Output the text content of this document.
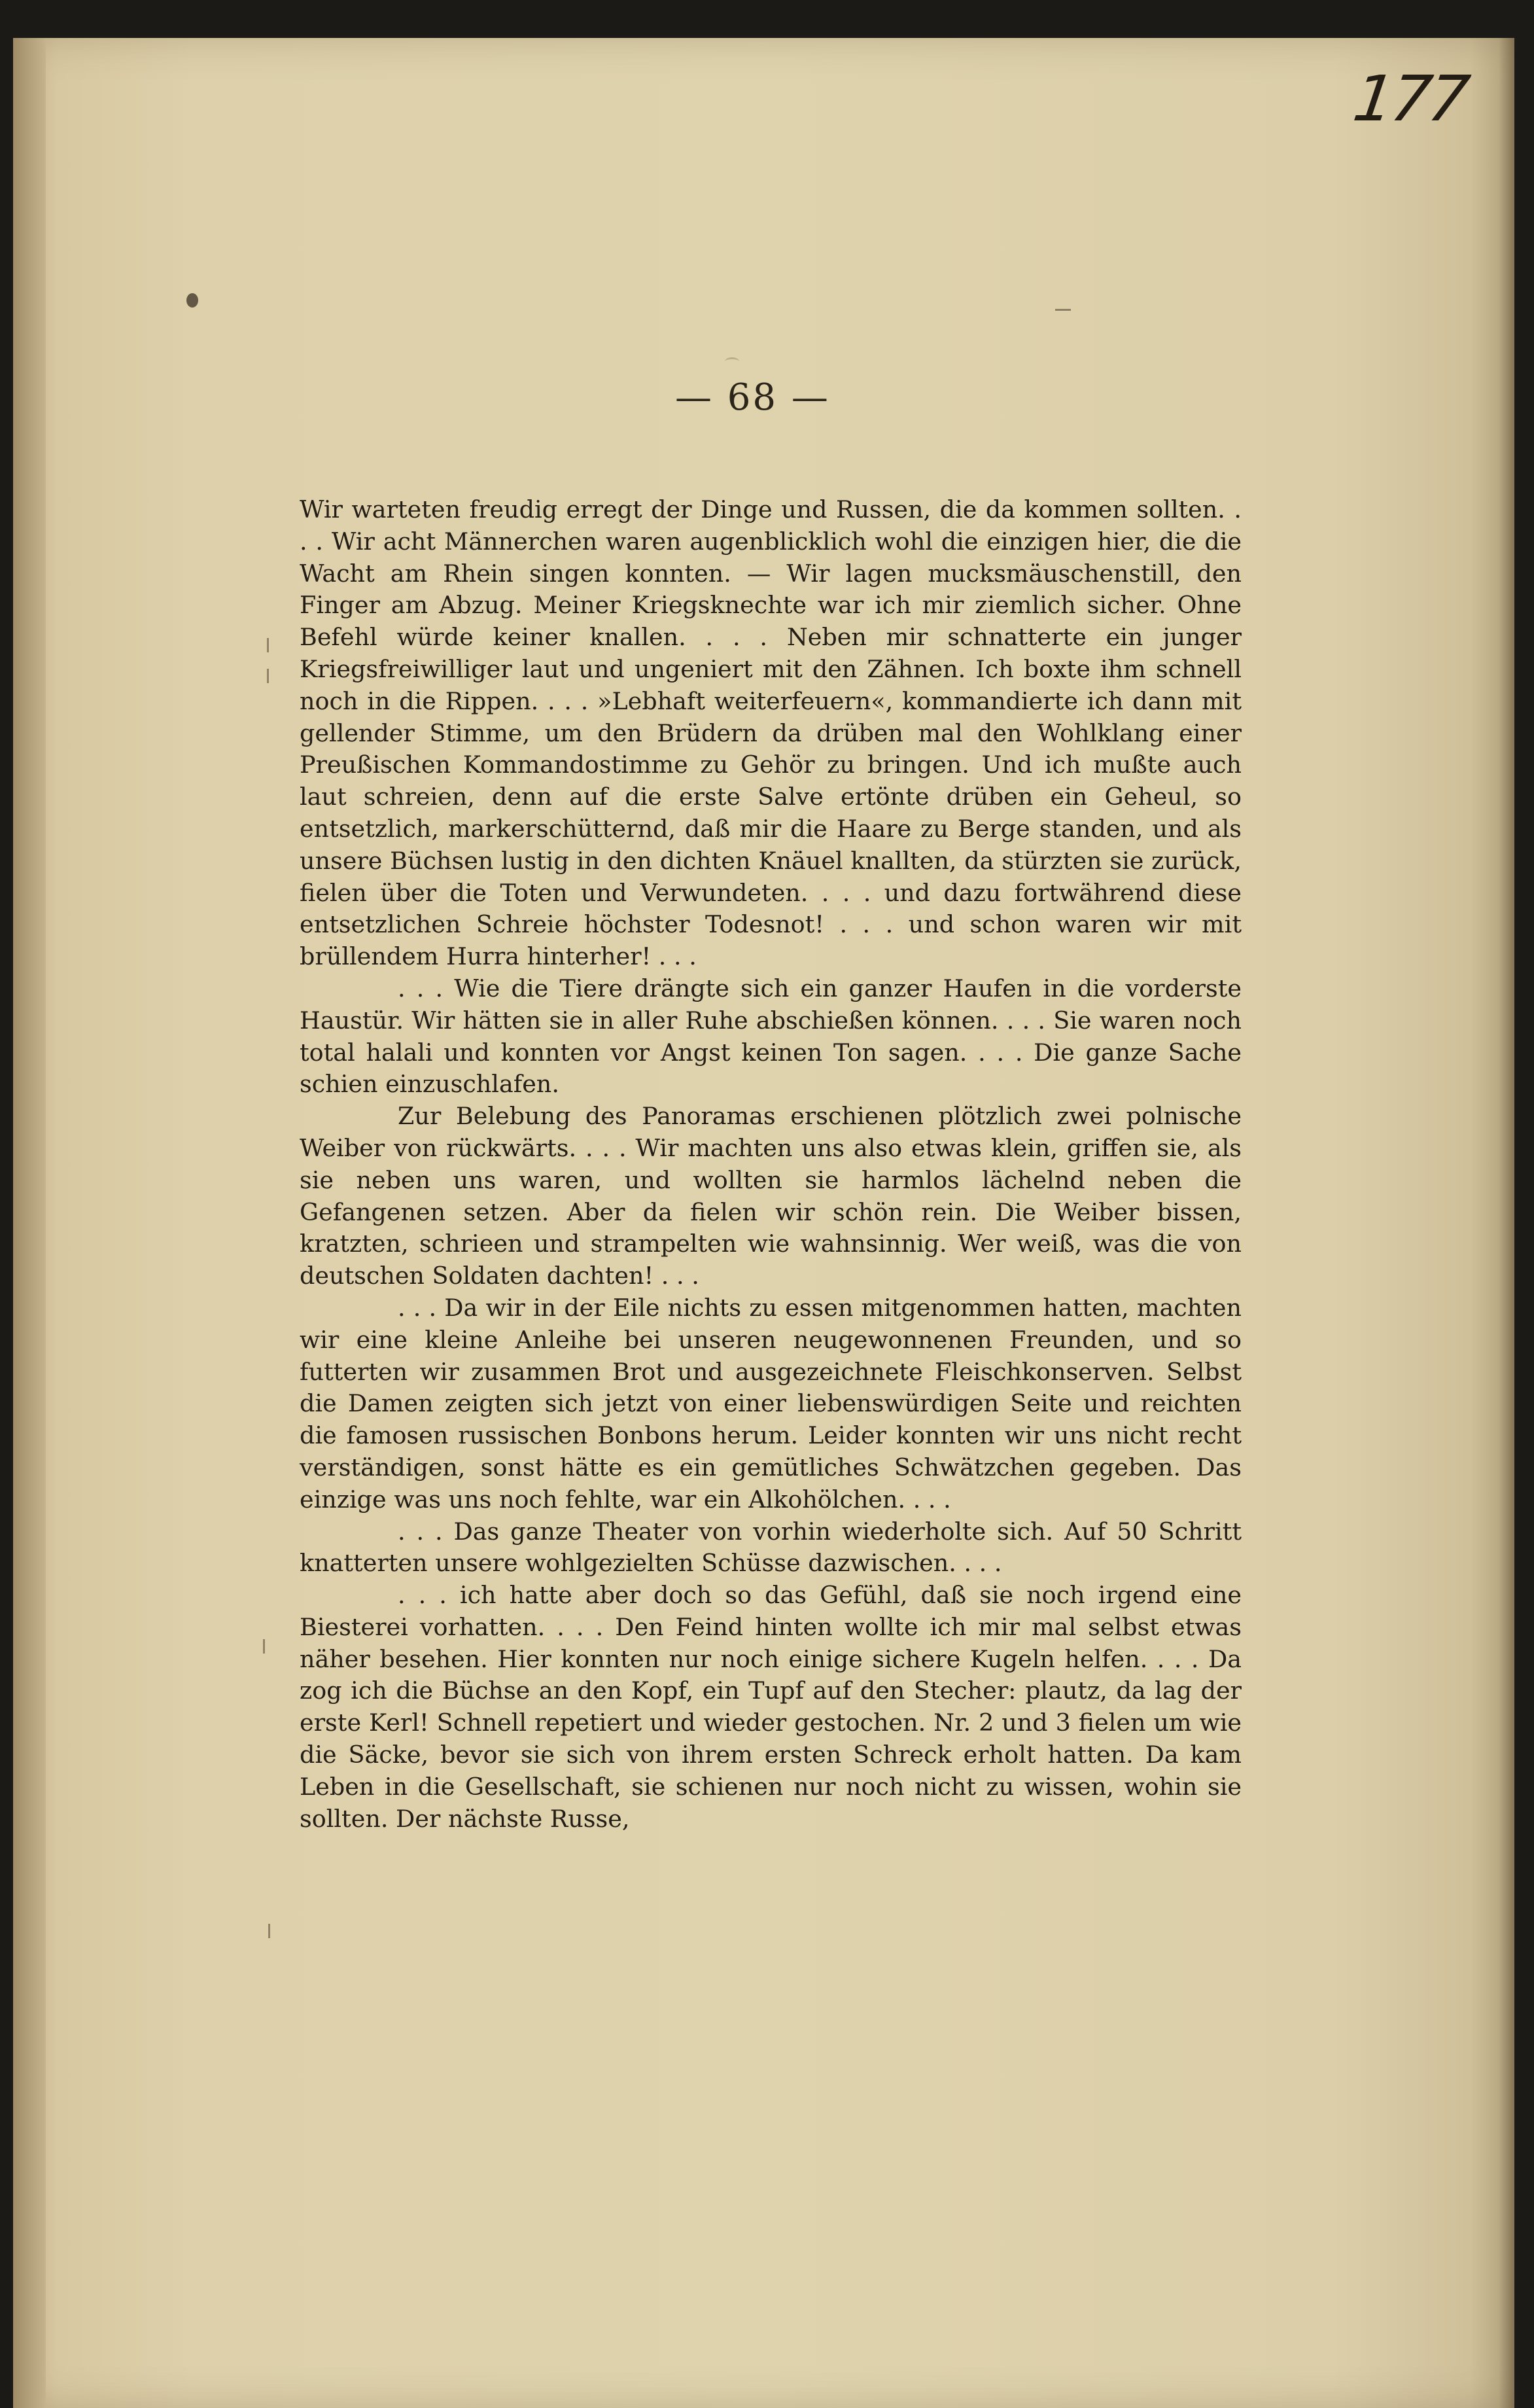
177
— 68 —

Wir warteten freudig erregt der Dinge und Russen, die da kommen sollten. . . . Wir acht Männerchen waren augenblicklich wohl die einzigen hier, die die Wacht am Rhein singen konnten. — Wir lagen mucksmäuschenstill, den Finger am Abzug. Meiner Kriegsknechte war ich mir ziemlich sicher. Ohne Befehl würde keiner knallen. . . . Neben mir schnatterte ein junger Kriegsfreiwilliger laut und ungeniert mit den Zähnen. Ich boxte ihm schnell noch in die Rippen. . . . »Lebhaft weiterfeuern«, kommandierte ich dann mit gellender Stimme, um den Brüdern da drüben mal den Wohlklang einer Preußischen Kommandostimme zu Gehör zu bringen. Und ich mußte auch laut schreien, denn auf die erste Salve ertönte drüben ein Geheul, so entsetzlich, markerschütternd, daß mir die Haare zu Berge standen, und als unsere Büchsen lustig in den dichten Knäuel knallten, da stürzten sie zurück, fielen über die Toten und Verwundeten. . . . und dazu fortwährend diese entsetzlichen Schreie höchster Todesnot! . . . und schon waren wir mit brüllendem Hurra hinterher! . . .

. . . Wie die Tiere drängte sich ein ganzer Haufen in die vorderste Haustür. Wir hätten sie in aller Ruhe abschießen können. . . . Sie waren noch total halali und konnten vor Angst keinen Ton sagen. . . . Die ganze Sache schien einzuschlafen.

Zur Belebung des Panoramas erschienen plötzlich zwei polnische Weiber von rückwärts. . . . Wir machten uns also etwas klein, griffen sie, als sie neben uns waren, und wollten sie harmlos lächelnd neben die Gefangenen setzen. Aber da fielen wir schön rein. Die Weiber bissen, kratzten, schrieen und strampelten wie wahnsinnig. Wer weiß, was die von deutschen Soldaten dachten! . . .

. . . Da wir in der Eile nichts zu essen mitgenommen hatten, machten wir eine kleine Anleihe bei unseren neugewonnenen Freunden, und so futterten wir zusammen Brot und ausgezeichnete Fleischkonserven. Selbst die Damen zeigten sich jetzt von einer liebenswürdigen Seite und reichten die famosen russischen Bonbons herum. Leider konnten wir uns nicht recht verständigen, sonst hätte es ein gemütliches Schwätzchen gegeben. Das einzige was uns noch fehlte, war ein Alkohölchen. . . .

. . . Das ganze Theater von vorhin wiederholte sich. Auf 50 Schritt knatterten unsere wohlgezielten Schüsse dazwischen. . . .

. . . ich hatte aber doch so das Gefühl, daß sie noch irgend eine Biesterei vorhatten. . . . Den Feind hinten wollte ich mir mal selbst etwas näher besehen. Hier konnten nur noch einige sichere Kugeln helfen. . . . Da zog ich die Büchse an den Kopf, ein Tupf auf den Stecher: plautz, da lag der erste Kerl! Schnell repetiert und wieder gestochen. Nr. 2 und 3 fielen um wie die Säcke, bevor sie sich von ihrem ersten Schreck erholt hatten. Da kam Leben in die Gesellschaft, sie schienen nur noch nicht zu wissen, wohin sie sollten. Der nächste Russe,
